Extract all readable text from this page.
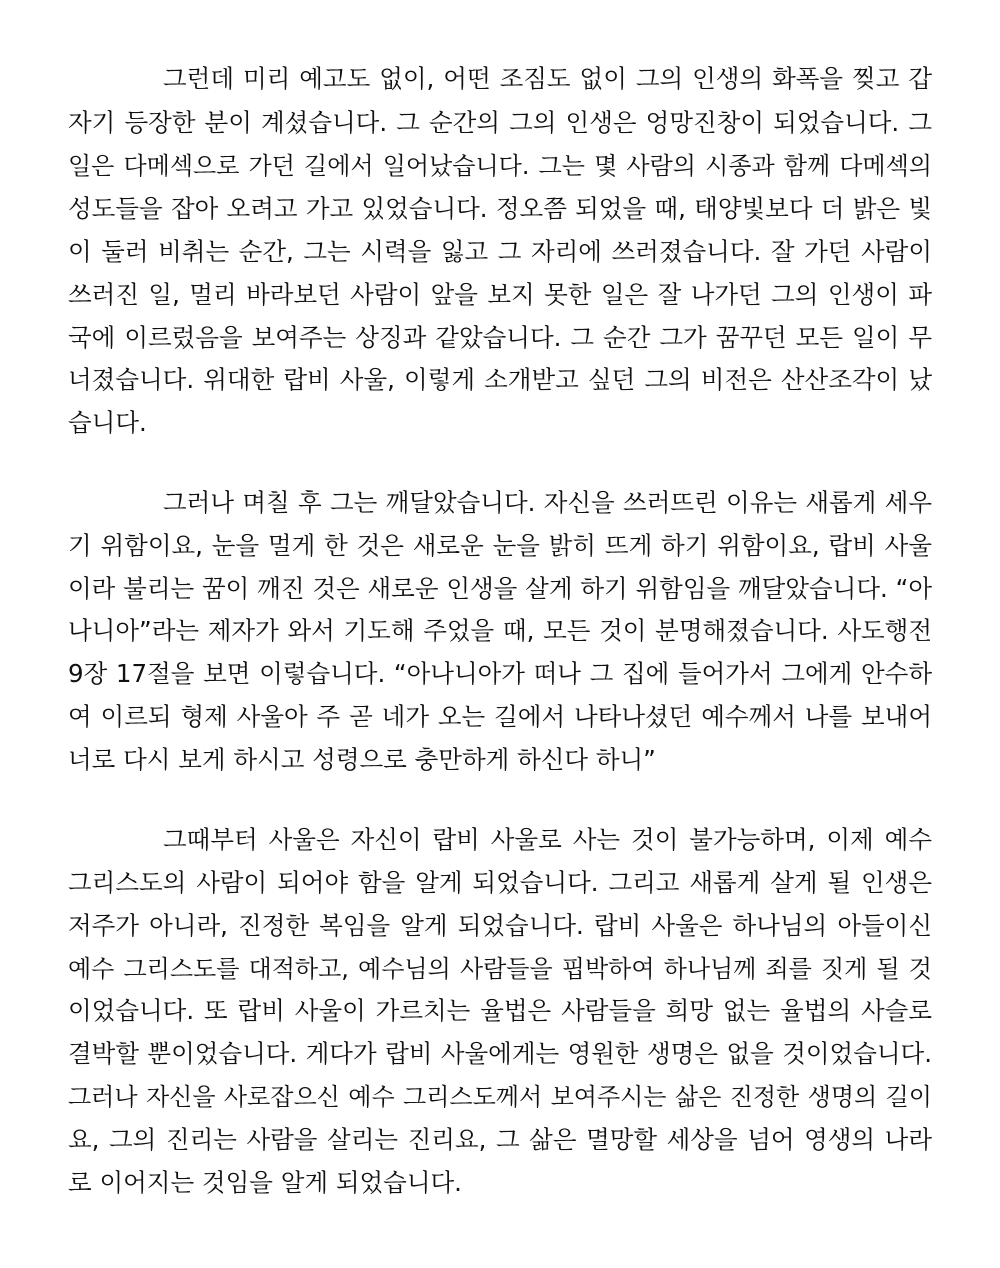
그런데 미리 예고도 없이, 어떤 조짐도 없이 그의 인생의 화폭을 찢고 갑
자기 등장한 분이 계셨습니다. 그 순간의 그의 인생은 엉망진창이 되었습니다. 그
일은 다메섹으로 가던 길에서 일어났습니다. 그는 몇 사람의 시종과 함께 다메섹의
성도들을 잡아 오려고 가고 있었습니다. 정오쯤 되었을 때, 태양빛보다 더 밝은 빛
이 둘러 비취는 순간, 그는 시력을 잃고 그 자리에 쓰러졌습니다. 잘 가던 사람이
쓰러진 일, 멀리 바라보던 사람이 앞을 보지 못한 일은 잘 나가던 그의 인생이 파
국에 이르렀음을 보여주는 상징과 같았습니다. 그 순간 그가 꿈꾸던 모든 일이 무
너졌습니다. 위대한 랍비 사울, 이렇게 소개받고 싶던 그의 비전은 산산조각이 났
습니다.
그러나 며칠 후 그는 깨달았습니다. 자신을 쓰러뜨린 이유는 새롭게 세우
기 위함이요, 눈을 멀게 한 것은 새로운 눈을 밝히 뜨게 하기 위함이요, 랍비 사울
이라 불리는 꿈이 깨진 것은 새로운 인생을 살게 하기 위함임을 깨달았습니다. “아
나니아”라는 제자가 와서 기도해 주었을 때, 모든 것이 분명해졌습니다. 사도행전
9장 17절을 보면 이렇습니다. “아나니아가 떠나 그 집에 들어가서 그에게 안수하
여 이르되 형제 사울아 주 곧 네가 오는 길에서 나타나셨던 예수께서 나를 보내어
너로 다시 보게 하시고 성령으로 충만하게 하신다 하니”
그때부터 사울은 자신이 랍비 사울로 사는 것이 불가능하며, 이제 예수
그리스도의 사람이 되어야 함을 알게 되었습니다. 그리고 새롭게 살게 될 인생은
저주가 아니라, 진정한 복임을 알게 되었습니다. 랍비 사울은 하나님의 아들이신
예수 그리스도를 대적하고, 예수님의 사람들을 핍박하여 하나님께 죄를 짓게 될 것
이었습니다. 또 랍비 사울이 가르치는 율법은 사람들을 희망 없는 율법의 사슬로
결박할 뿐이었습니다. 게다가 랍비 사울에게는 영원한 생명은 없을 것이었습니다.
그러나 자신을 사로잡으신 예수 그리스도께서 보여주시는 삶은 진정한 생명의 길이
요, 그의 진리는 사람을 살리는 진리요, 그 삶은 멸망할 세상을 넘어 영생의 나라
로 이어지는 것임을 알게 되었습니다.
